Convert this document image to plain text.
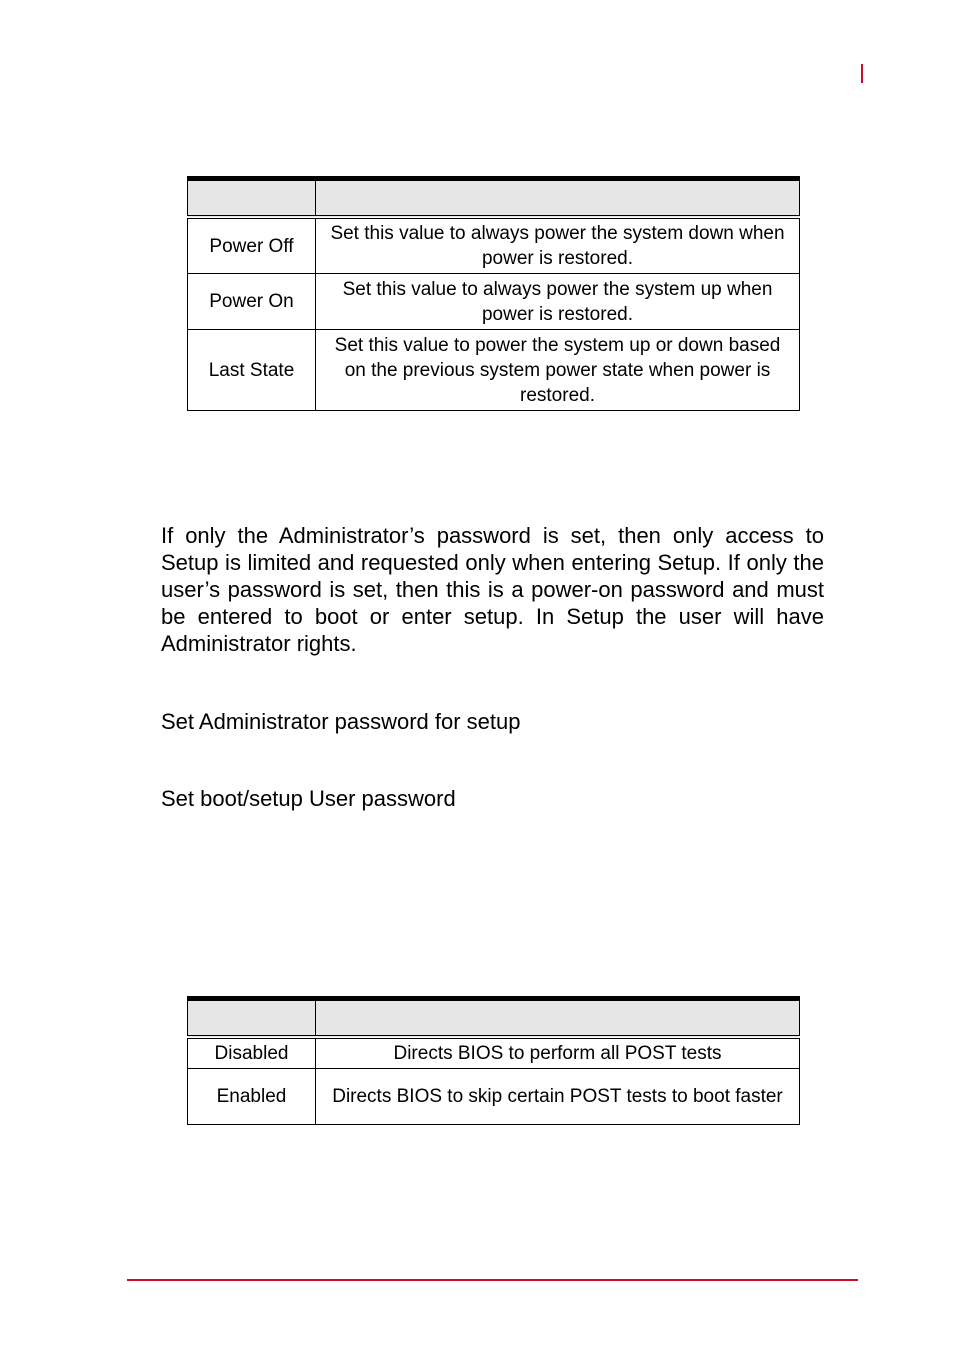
Power Off	Set this value to always power the system down when power is restored.
Power On	Set this value to always power the system up when power is restored.
Last State	Set this value to power the system up or down based on the previous system power state when power is restored.
If only the Administrator’s password is set, then only access to Setup is limited and requested only when entering Setup. If only the user’s password is set, then this is a power-on password and must be entered to boot or enter setup. In Setup the user will have Administrator rights.
Set Administrator password for setup
Set boot/setup User password

Disabled	Directs BIOS to perform all POST tests
Enabled	Directs BIOS to skip certain POST tests to boot faster
